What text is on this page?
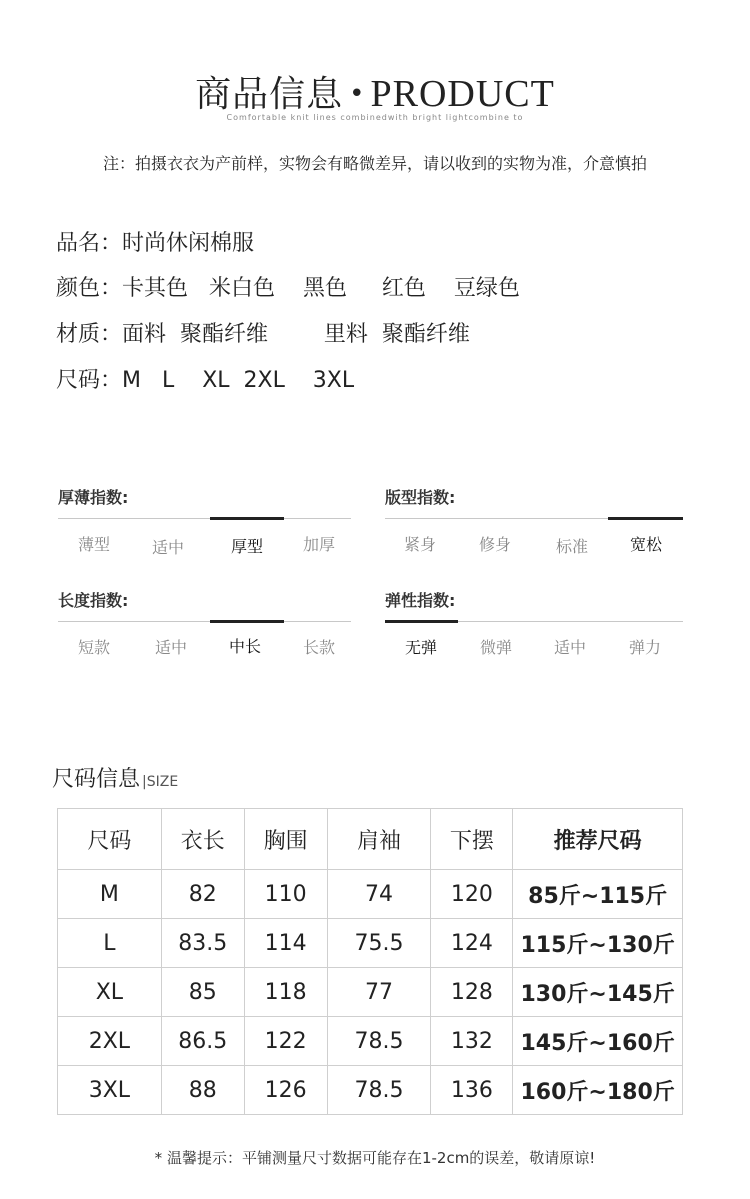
商品信息 • PRODUCT
Comfortable knit lines combinedwith bright lightcombine to
注：拍摄衣衣为产前样，实物会有略微差异，请以收到的实物为准，介意慎拍
品名：时尚休闲棉服
颜色：卡其色   米白色    黑色     红色    豆绿色
材质：面料  聚酯纤维        里料  聚酯纤维
尺码：M   L    XL  2XL    3XL
厚薄指数:
薄型	适中	厚型	加厚
版型指数:
紧身	修身	标准	宽松
长度指数:
短款	适中	中长	长款
弹性指数:
无弹	微弹	适中	弹力
尺码信息 |SIZE
尺码	衣长	胸围	肩袖	下摆	推荐尺码
M	82	110	74	120	85斤~115斤
L	83.5	114	75.5	124	115斤~130斤
XL	85	118	77	128	130斤~145斤
2XL	86.5	122	78.5	132	145斤~160斤
3XL	88	126	78.5	136	160斤~180斤
* 温馨提示：平铺测量尺寸数据可能存在1-2cm的误差，敬请原谅!
